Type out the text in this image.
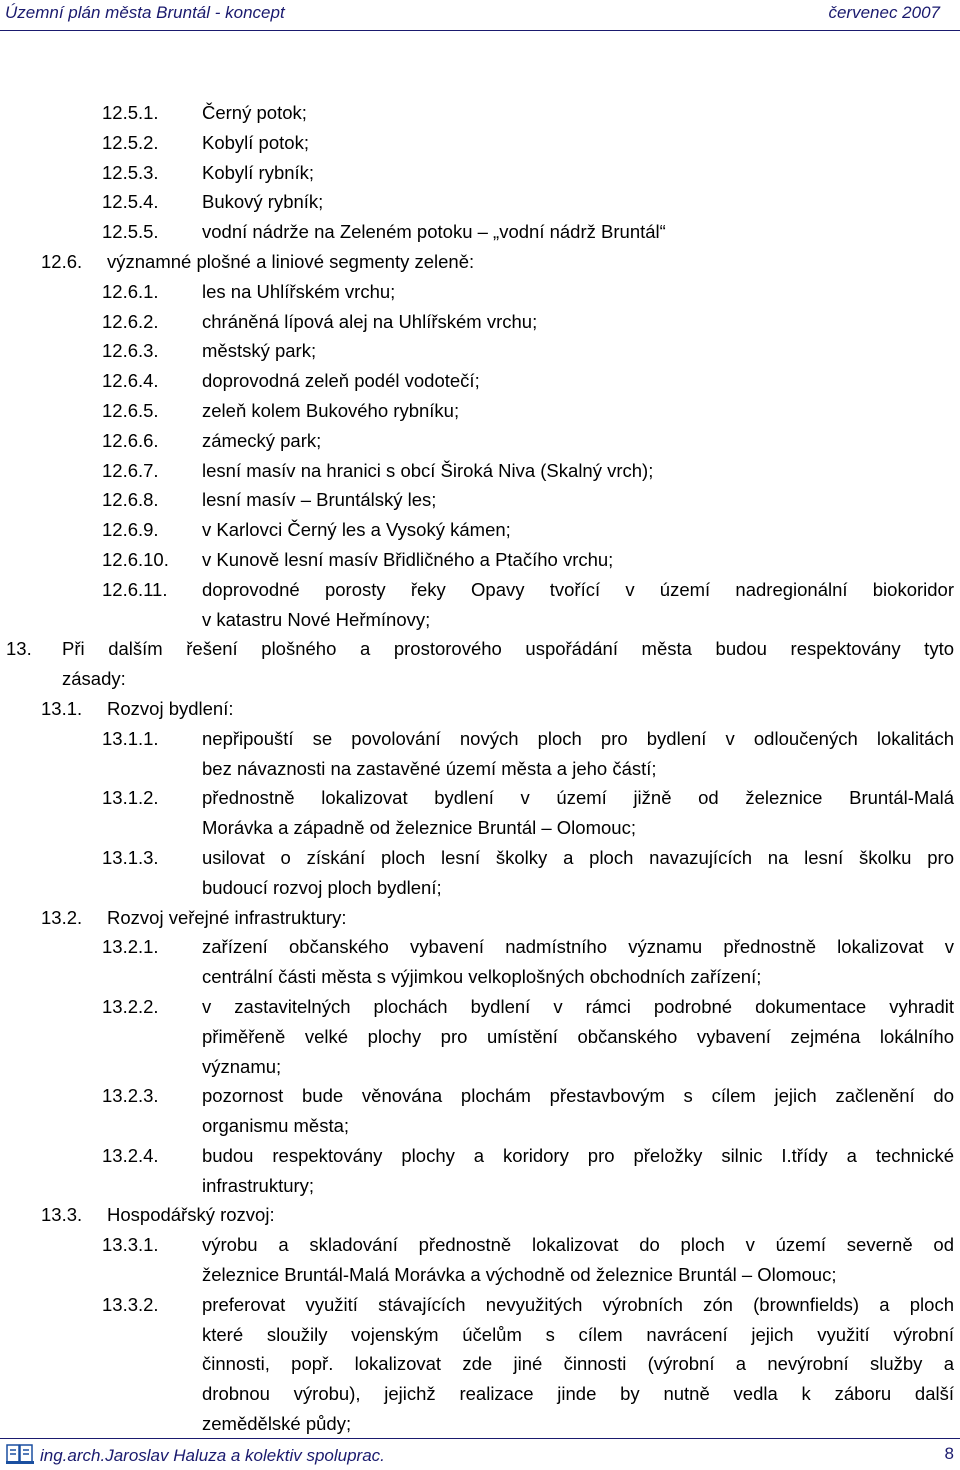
Územní plán města Bruntál - koncept	červenec 2007
12.5.1. Černý potok;
12.5.2. Kobylí potok;
12.5.3. Kobylí rybník;
12.5.4. Bukový rybník;
12.5.5. vodní nádrže na Zeleném potoku – „vodní nádrž Bruntál“
12.6. významné plošné a liniové segmenty zeleně:
12.6.1. les na Uhlířském vrchu;
12.6.2. chráněná lípová alej na Uhlířském vrchu;
12.6.3. městský park;
12.6.4. doprovodná zeleň podél vodotečí;
12.6.5. zeleň kolem Bukového rybníku;
12.6.6. zámecký park;
12.6.7. lesní masív na hranici s obcí Široká Niva (Skalný vrch);
12.6.8. lesní masív – Bruntálský les;
12.6.9. v Karlovci Černý les a Vysoký kámen;
12.6.10. v Kunově lesní masív Břidličného a Ptačího vrchu;
12.6.11. doprovodné porosty řeky Opavy tvořící v území nadregionální biokoridor
v katastru Nové Heřmínovy;
13. Při dalším řešení plošného a prostorového uspořádání města budou respektovány tyto
zásady:
13.1. Rozvoj bydlení:
13.1.1. nepřipouští se povolování nových ploch pro bydlení v odloučených lokalitách
bez návaznosti na zastavěné území města a jeho částí;
13.1.2. přednostně lokalizovat bydlení v území jižně od železnice Bruntál-Malá
Morávka a západně od železnice Bruntál – Olomouc;
13.1.3. usilovat o získání ploch lesní školky a ploch navazujících na lesní školku pro
budoucí rozvoj ploch bydlení;
13.2. Rozvoj veřejné infrastruktury:
13.2.1. zařízení občanského vybavení nadmístního významu přednostně lokalizovat v
centrální části města s výjimkou velkoplošných obchodních zařízení;
13.2.2. v zastavitelných plochách bydlení v rámci podrobné dokumentace vyhradit
přiměřeně velké plochy pro umístění občanského vybavení zejména lokálního
významu;
13.2.3. pozornost bude věnována plochám přestavbovým s cílem jejich začlenění do
organismu města;
13.2.4. budou respektovány plochy a koridory pro přeložky silnic I.třídy a technické
infrastruktury;
13.3. Hospodářský rozvoj:
13.3.1. výrobu a skladování přednostně lokalizovat do ploch v území severně od
železnice Bruntál-Malá Morávka a východně od železnice Bruntál – Olomouc;
13.3.2. preferovat využití stávajících nevyužitých výrobních zón (brownfields) a ploch
které sloužily vojenským účelům s cílem navrácení jejich využití výrobní
činnosti, popř. lokalizovat zde jiné činnosti (výrobní a nevýrobní služby a
drobnou výrobu), jejichž realizace jinde by nutně vedla k záboru další
zemědělské půdy;
ing.arch.Jaroslav Haluza a kolektiv spoluprac.	8
